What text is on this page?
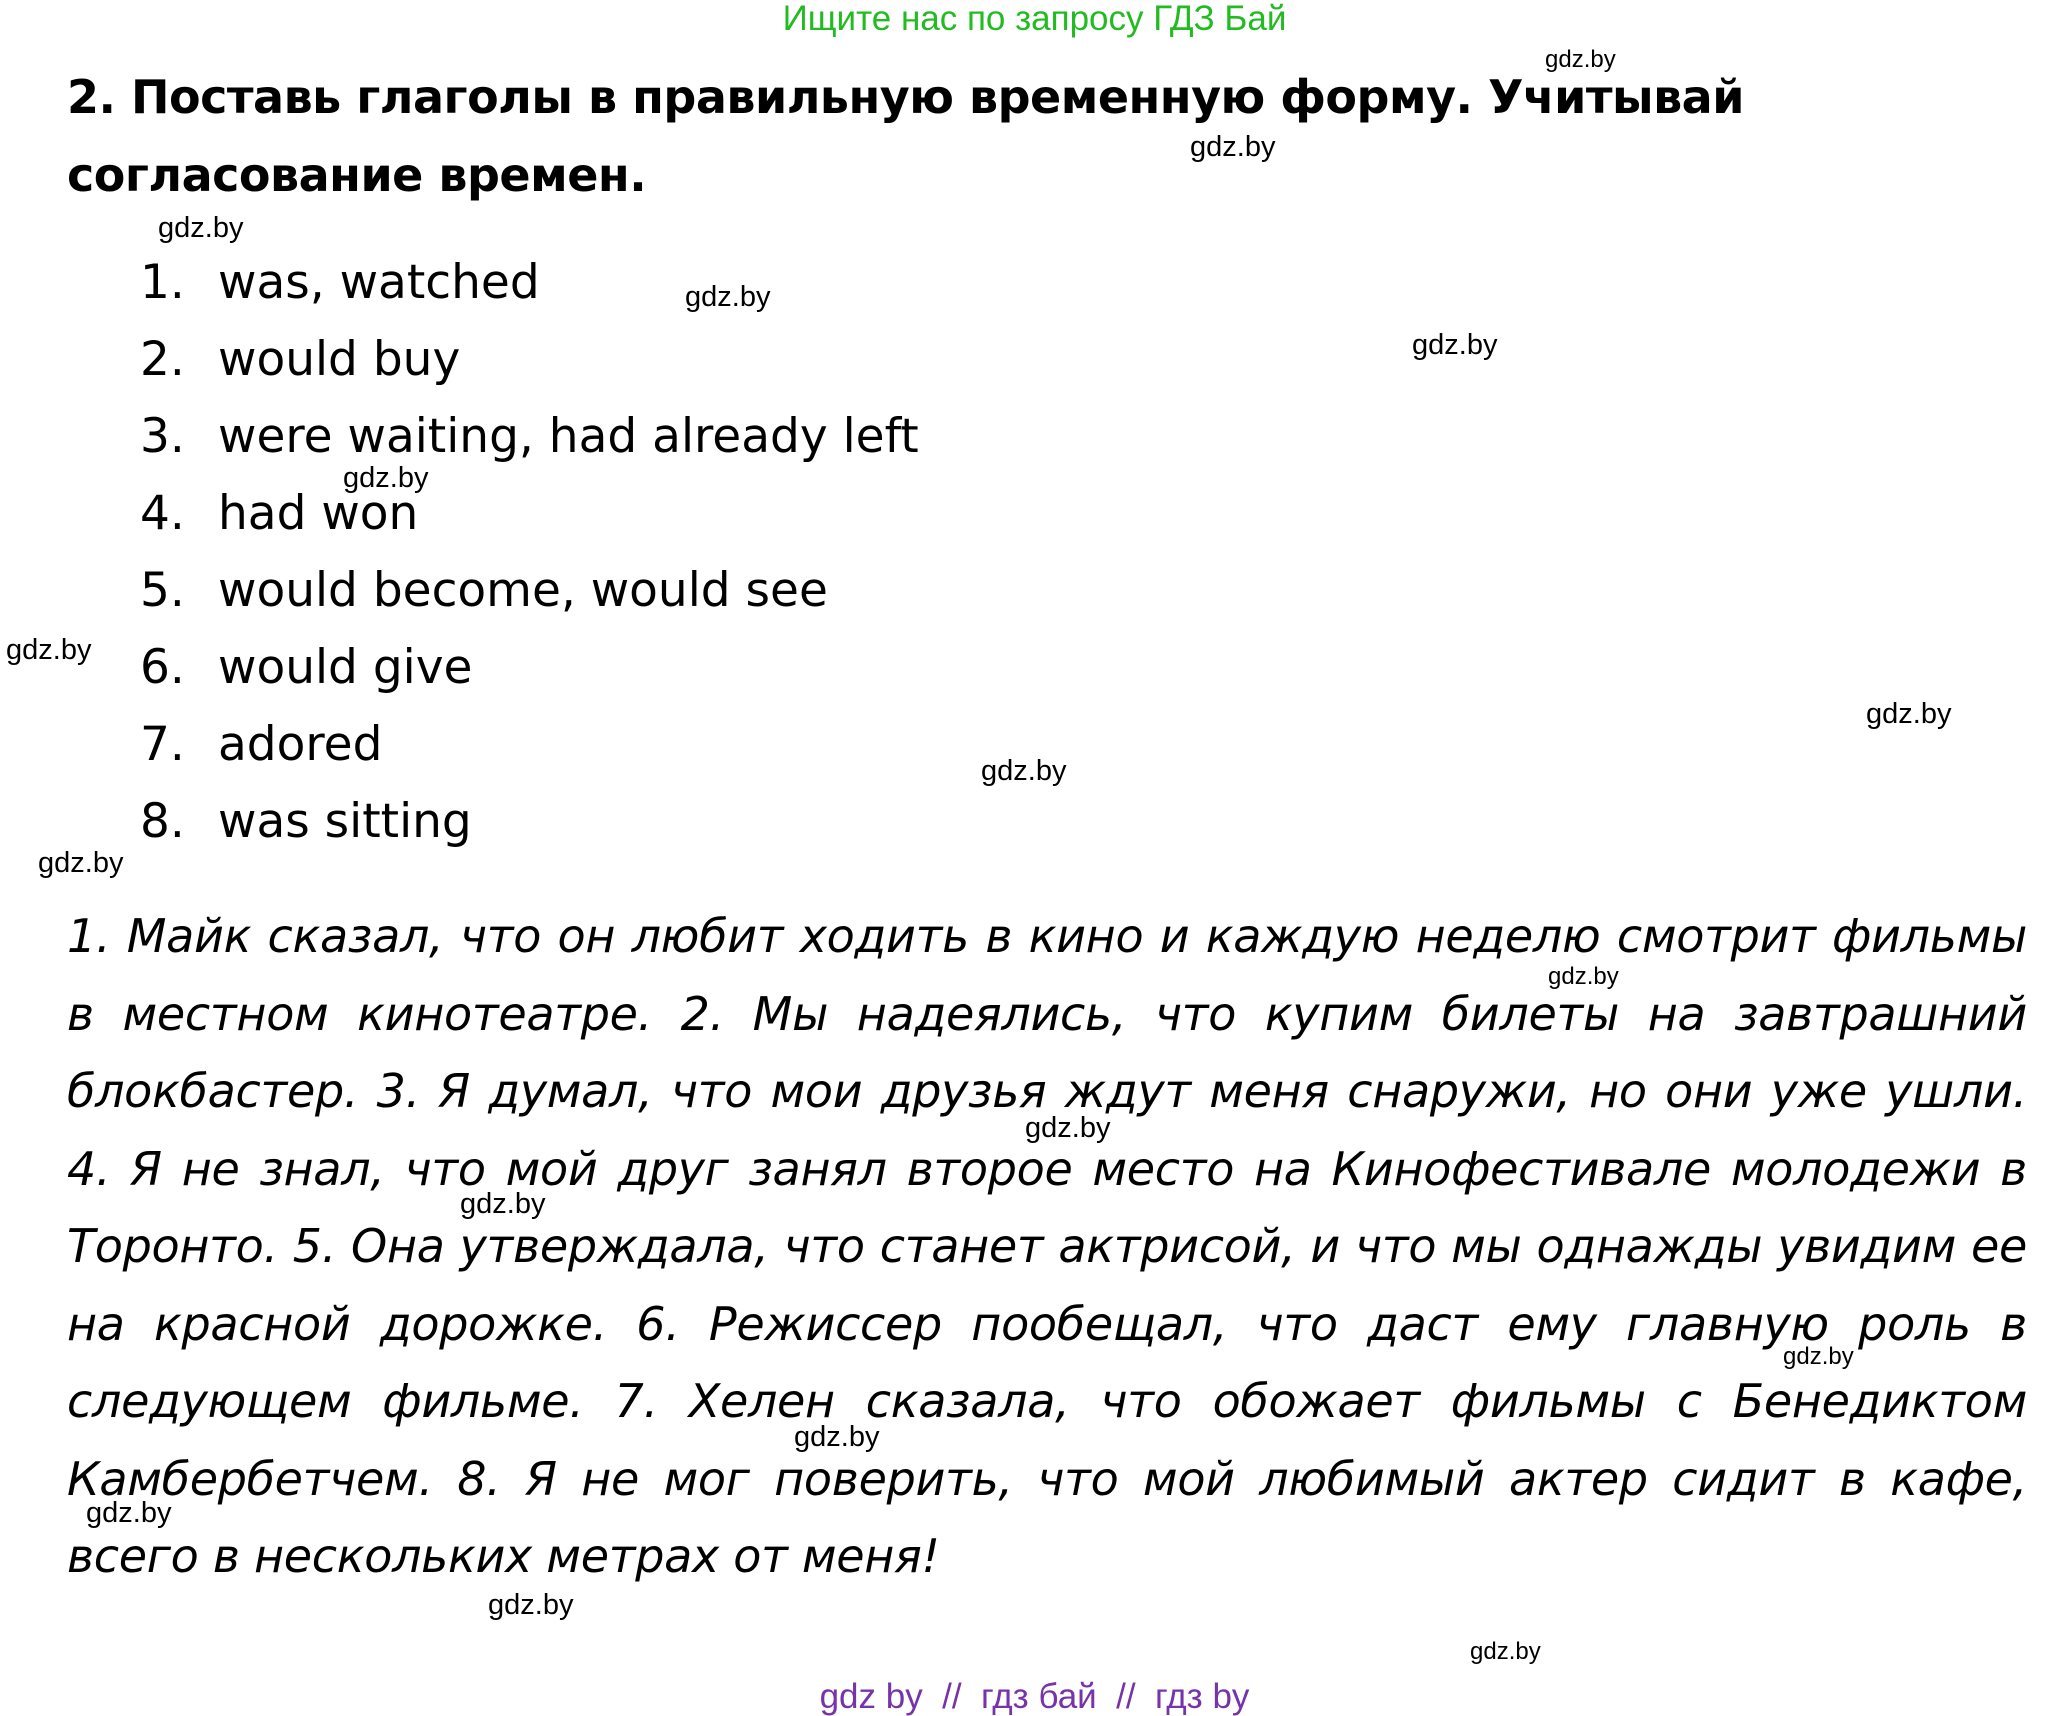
Ищите нас по запросу ГДЗ Бай
2. Поставь глаголы в правильную временную форму. Учитывай согласование времен.
1. was, watched
2. would buy
3. were waiting, had already left
4. had won
5. would become, would see
6. would give
7. adored
8. was sitting
1. Майк сказал, что он любит ходить в кино и каждую неделю смотрит фильмы в местном кинотеатре. 2. Мы надеялись, что купим билеты на завтрашний блокбастер. 3. Я думал, что мои друзья ждут меня снаружи, но они уже ушли. 4. Я не знал, что мой друг занял второе место на Кинофестивале молодежи в Торонто. 5. Она утверждала, что станет актрисой, и что мы однажды увидим ее на красной дорожке. 6. Режиссер пообещал, что даст ему главную роль в следующем фильме. 7. Хелен сказала, что обожает фильмы с Бенедиктом Камбербетчем. 8. Я не мог поверить, что мой любимый актер сидит в кафе, всего в нескольких метрах от меня!
gdz.by
gdz.by
gdz.by
gdz.by
gdz.by
gdz.by
gdz.by
gdz.by
gdz.by
gdz.by
gdz.by
gdz.by
gdz.by
gdz.by
gdz.by
gdz.by
gdz.by
gdz.by
gdz by  //  гдз бай  //  гдз by
